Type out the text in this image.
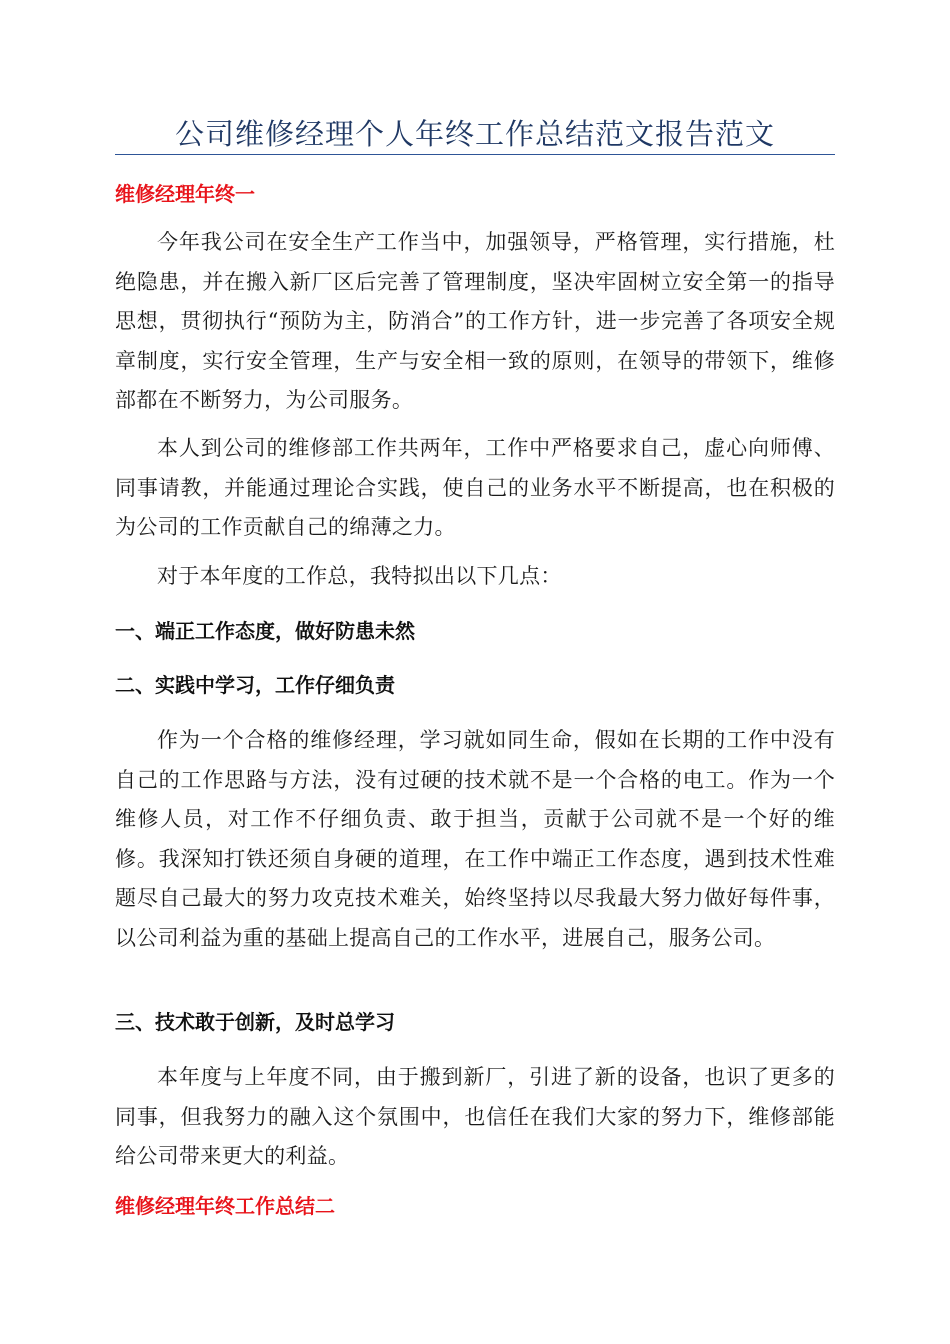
公司维修经理个人年终工作总结范文报告范文
维修经理年终一
今年我公司在安全生产工作当中，加强领导，严格管理，实行措施，杜绝隐患，并在搬入新厂区后完善了管理制度，坚决牢固树立安全第一的指导思想，贯彻执行“预防为主，防消合”的工作方针，进一步完善了各项安全规章制度，实行安全管理，生产与安全相一致的原则，在领导的带领下，维修部都在不断努力，为公司服务。
本人到公司的维修部工作共两年，工作中严格要求自己，虚心向师傅、同事请教，并能通过理论合实践，使自己的业务水平不断提高，也在积极的为公司的工作贡献自己的绵薄之力。
对于本年度的工作总，我特拟出以下几点：
一、端正工作态度，做好防患未然
二、实践中学习，工作仔细负责
作为一个合格的维修经理，学习就如同生命，假如在长期的工作中没有自己的工作思路与方法，没有过硬的技术就不是一个合格的电工。作为一个维修人员，对工作不仔细负责、敢于担当，贡献于公司就不是一个好的维修。我深知打铁还须自身硬的道理，在工作中端正工作态度，遇到技术性难题尽自己最大的努力攻克技术难关，始终坚持以尽我最大努力做好每件事，以公司利益为重的基础上提高自己的工作水平，进展自己，服务公司。
三、技术敢于创新，及时总学习
本年度与上年度不同，由于搬到新厂，引进了新的设备，也识了更多的同事，但我努力的融入这个氛围中，也信任在我们大家的努力下，维修部能给公司带来更大的利益。
维修经理年终工作总结二
